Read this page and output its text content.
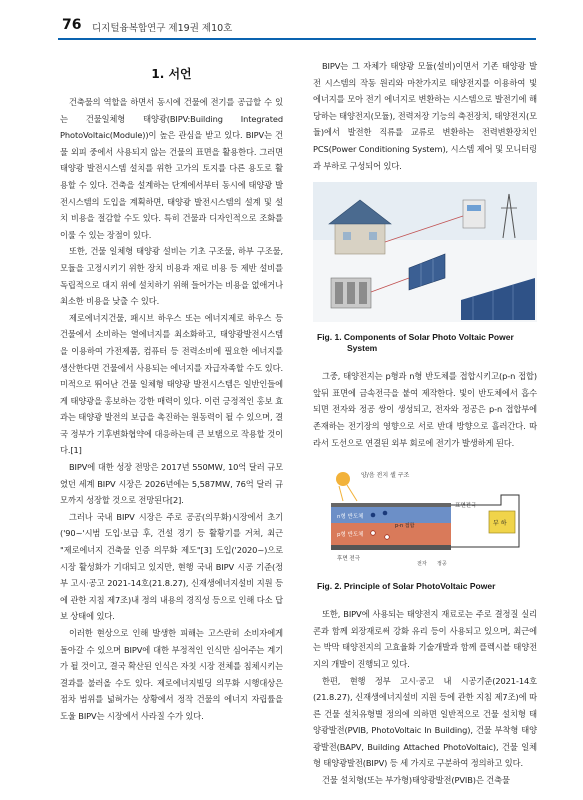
76 디지털융복합연구 제19권 제10호
1. 서언

건축물의 역할을 하면서 동시에 건물에 전기를 공급할 수 있는 건물일체형 태양광(BIPV:Building Integrated PhotoVoltaic(Module))이 높은 관심을 받고 있다. BIPV는 건물 외피 중에서 사용되지 않는 건물의 표면을 활용한다. 그러면 태양광 발전시스템 설치를 위한 고가의 토지를 다른 용도로 활용할 수 있다. 건축을 설계하는 단계에서부터 동시에 태양광 발전시스템의 도입을 계획하면, 태양광 발전시스템의 설계 및 설치 비용을 절감할 수도 있다. 특히 건물과 디자인적으로 조화를 이룰 수 있는 장점이 있다.

또한, 건물 일체형 태양광 설비는 기초 구조물, 하부 구조물, 모듈을 고정시키기 위한 장치 비용과 재료 비용 등 제반 설비를 독립적으로 대지 위에 설치하기 위해 들어가는 비용을 없애거나 최소한 비용을 낮출 수 있다.

제로에너지건물, 패시브 하우스 또는 에너지제로 하우스 등 건물에서 소비하는 열에너지를 최소화하고, 태양광발전시스템을 이용하여 가전제품, 컴퓨터 등 전력소비에 필요한 에너지를 생산한다면 건물에서 사용되는 에너지를 자급자족할 수도 있다. 미적으로 뛰어난 건물 일체형 태양광 발전시스템은 일반인들에게 태양광을 홍보하는 강한 매력이 있다. 이런 긍정적인 홍보 효과는 태양광 발전의 보급을 촉진하는 원동력이 될 수 있으며, 결국 정부가 기후변화협약에 대응하는데 큰 보탬으로 작용할 것이다.[1]

BIPV에 대한 성장 전망은 2017년 550MW, 10억 달러 규모였던 세계 BIPV 시장은 2026년에는 5,587MW, 76억 달러 규모까지 성장할 것으로 전망된다[2].

그러나 국내 BIPV 시장은 주로 공공(의무화)시장에서 초기('90~'시범 도입·보급 후, 건설 경기 등 활황기를 거쳐, 최근 "제로에너지 건축물 인증 의무화 제도"[3] 도입('2020~)으로 시장 활성화가 기대되고 있지만, 현행 국내 BIPV 시공 기준(정부 고시·공고 2021-14호(21.8.27), 신재생에너지설비 지원 등에 관한 지침 제7조)내 정의 내용의 경직성 등으로 인해 다소 답보 상태에 있다.

이러한 현상으로 인해 발생한 피해는 고스란히 소비자에게 돌아갈 수 있으며 BIPV에 대한 부정적인 인식만 심어주는 계기가 될 것이고, 결국 확산된 인식은 자칫 시장 전체를 침체시키는 결과를 불러올 수도 있다. 제로에너지빌딩 의무화 시행대상은 점차 범위를 넓혀가는 상황에서 정작 건물의 에너지 자립률을 도울 BIPV는 시장에서 사라질 수가 있다.

BIPV는 그 자체가 태양광 모듈(설비)이면서 기존 태양광 발전 시스템의 작동 원리와 마찬가지로 태양전지를 이용하여 빛 에너지를 모아 전기 에너지로 변환하는 시스템으로 발전기에 해당하는 태양전지(모듈), 전력저장 기능의 축전장치, 태양전지(모듈)에서 발전한 직류를 교류로 변환하는 전력변환장치인 PCS(Power Conditioning System), 시스템 제어 및 모니터링과 부하로 구성되어 있다.

Fig. 1. Components of Solar Photo Voltaic Power
System

그중, 태양전지는 p형과 n형 반도체를 접합시키고(p-n 접합) 앞뒤 표면에 금속전극을 붙여 제작한다. 빛이 반도체에서 흡수되면 전자와 정공 쌍이 생성되고, 전자와 정공은 p-n 접합부에 존재하는 전기장의 영향으로 서로 반대 방향으로 흘러간다. 따라서 도선으로 연결된 외부 회로에 전기가 발생하게 된다.

양/음 전지 셀 구조
표면전극
n형 반도체
p형 반도체
p-n 접합
후면 전극
전자 정공
부 하
Fig. 2. Principle of Solar PhotoVoltaic Power

또한, BIPV에 사용되는 태양전지 재료로는 주로 결정질 실리콘과 함께 외장재로써 강화 유리 등이 사용되고 있으며, 최근에는 박막 태양전지의 고효율화 기술개발과 함께 플렉시블 태양전지의 개발이 진행되고 있다.

한편, 현행 정부 고시·공고 내 시공기준(2021-14호(21.8.27), 신재생에너지설비 지원 등에 관한 지침 제7조)에 따른 건물 설치유형별 정의에 의하면 일반적으로 건물 설치형 태양광발전(PVIB, PhotoVoltaic In Building), 건물 부착형 태양광발전(BAPV, Building Attached PhotoVoltaic), 건물 일체형 태양광발전(BIPV) 등 세 가지로 구분하여 정의하고 있다.

건물 설치형(또는 부가형)태양광발전(PVIB)은 건축물
